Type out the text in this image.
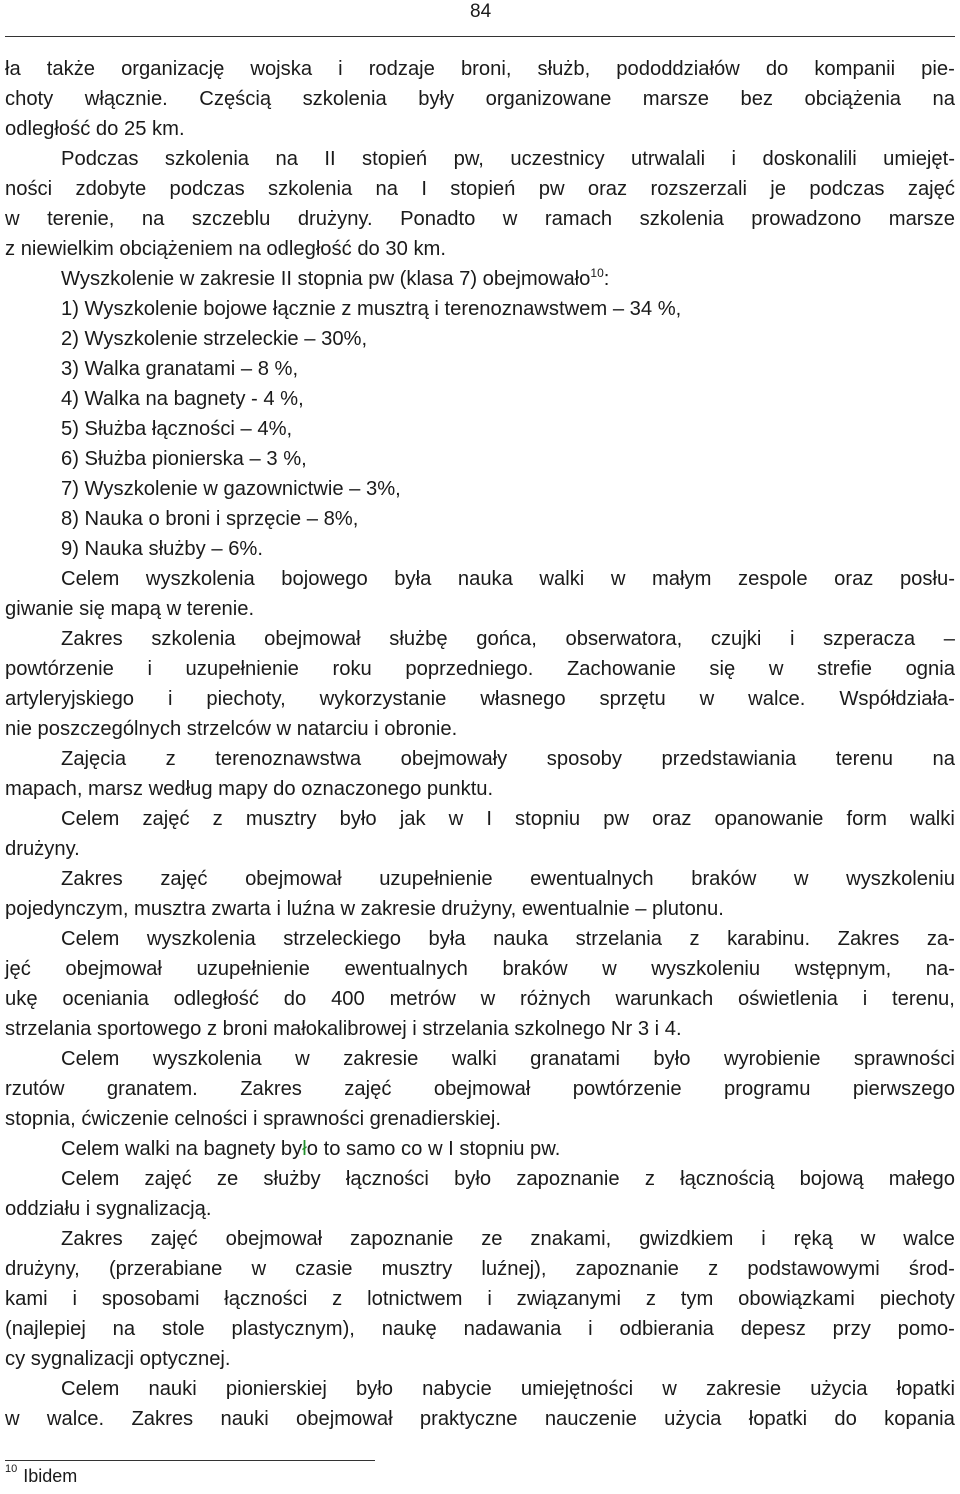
84
ła także organizację wojska i rodzaje broni, służb, pododdziałów do kompanii pie-
choty włącznie. Częścią szkolenia były organizowane marsze bez obciążenia na
odległość do 25 km.
Podczas szkolenia na II stopień pw, uczestnicy utrwalali i doskonalili umiejęt-
ności zdobyte podczas szkolenia na I stopień pw oraz rozszerzali je podczas zajęć
w terenie, na szczeblu drużyny. Ponadto w ramach szkolenia prowadzono marsze
z niewielkim obciążeniem na odległość do 30 km.
Wyszkolenie w zakresie II stopnia pw (klasa 7) obejmowało$^{10}$:
1) Wyszkolenie bojowe łącznie z musztrą i terenoznawstwem – 34 %,
2) Wyszkolenie strzeleckie – 30%,
3) Walka granatami – 8 %,
4) Walka na bagnety - 4 %,
5) Służba łączności – 4%,
6) Służba pionierska – 3 %,
7) Wyszkolenie w gazownictwie – 3%,
8) Nauka o broni i sprzęcie – 8%,
9) Nauka służby – 6%.
Celem wyszkolenia bojowego była nauka walki w małym zespole oraz posłu-
giwanie się mapą w terenie.
Zakres szkolenia obejmował służbę gońca, obserwatora, czujki i szperacza –
powtórzenie i uzupełnienie roku poprzedniego. Zachowanie się w strefie ognia
artyleryjskiego i piechoty, wykorzystanie własnego sprzętu w walce. Współdziała-
nie poszczególnych strzelców w natarciu i obronie.
Zajęcia z terenoznawstwa obejmowały sposoby przedstawiania terenu na
mapach, marsz według mapy do oznaczonego punktu.
Celem zajęć z musztry było jak w I stopniu pw oraz opanowanie form walki
drużyny.
Zakres zajęć obejmował uzupełnienie ewentualnych braków w wyszkoleniu
pojedynczym, musztra zwarta i luźna w zakresie drużyny, ewentualnie – plutonu.
Celem wyszkolenia strzeleckiego była nauka strzelania z karabinu. Zakres za-
jęć obejmował uzupełnienie ewentualnych braków w wyszkoleniu wstępnym, na-
ukę oceniania odległość do 400 metrów w różnych warunkach oświetlenia i terenu,
strzelania sportowego z broni małokalibrowej i strzelania szkolnego Nr 3 i 4.
Celem wyszkolenia w zakresie walki granatami było wyrobienie sprawności
rzutów granatem. Zakres zajęć obejmował powtórzenie programu pierwszego
stopnia, ćwiczenie celności i sprawności grenadierskiej.
Celem walki na bagnety było to samo co w I stopniu pw.
Celem zajęć ze służby łączności było zapoznanie z łącznością bojową małego
oddziału i sygnalizacją.
Zakres zajęć obejmował zapoznanie ze znakami, gwizdkiem i ręką w walce
drużyny, (przerabiane w czasie musztry luźnej), zapoznanie z podstawowymi środ-
kami i sposobami łączności z lotnictwem i związanymi z tym obowiązkami piechoty
(najlepiej na stole plastycznym), naukę nadawania i odbierania depesz przy pomo-
cy sygnalizacji optycznej.
Celem nauki pionierskiej było nabycie umiejętności w zakresie użycia łopatki
w walce. Zakres nauki obejmował praktyczne nauczenie użycia łopatki do kopania
$^{10}$ Ibidem
